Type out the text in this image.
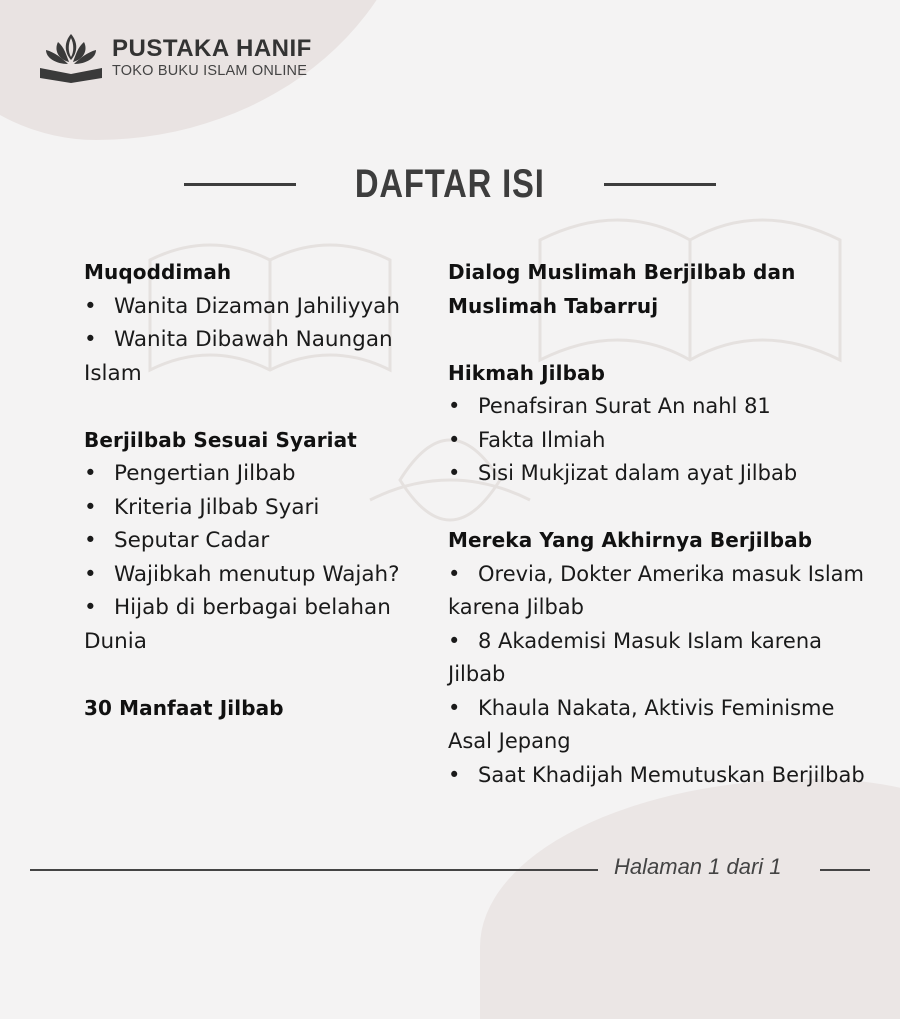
PUSTAKA HANIF
TOKO BUKU ISLAM ONLINE
DAFTAR ISI
Muqoddimah
• Wanita Dizaman Jahiliyyah
• Wanita Dibawah Naungan Islam
Berjilbab Sesuai Syariat
• Pengertian Jilbab
• Kriteria Jilbab Syari
• Seputar Cadar
• Wajibkah menutup Wajah?
• Hijab di berbagai belahan Dunia
30 Manfaat Jilbab
Dialog Muslimah Berjilbab dan Muslimah Tabarruj
Hikmah Jilbab
• Penafsiran Surat An nahl 81
• Fakta Ilmiah
• Sisi Mukjizat dalam ayat Jilbab
Mereka Yang Akhirnya Berjilbab
• Orevia, Dokter Amerika masuk Islam karena Jilbab
• 8 Akademisi Masuk Islam karena Jilbab
• Khaula Nakata, Aktivis Feminisme Asal Jepang
• Saat Khadijah Memutuskan Berjilbab
Halaman 1 dari 1
